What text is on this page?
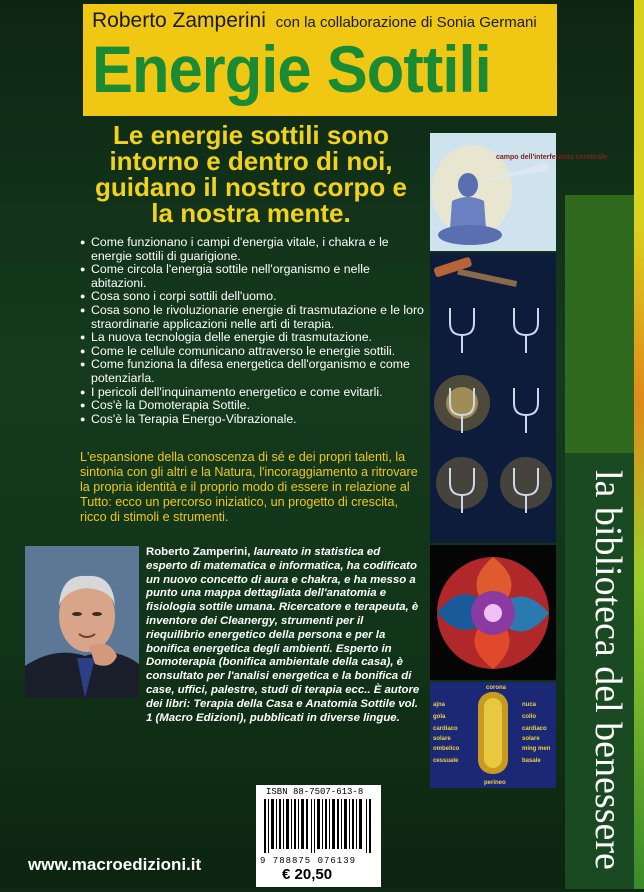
la biblioteca del benessere
Roberto Zamperini con la collaborazione di Sonia Germani
Energie Sottili
Le energie sottili sono intorno e dentro di noi, guidano il nostro corpo e la nostra mente.
● Come funzionano i campi d'energia vitale, i chakra e le energie sottili di guarigione.
● Come circola l'energia sottile nell'organismo e nelle abitazioni.
● Cosa sono i corpi sottili dell'uomo.
● Cosa sono le rivoluzionarie energie di trasmutazione e le loro straordinarie applicazioni nelle arti di terapia.
● La nuova tecnologia delle energie di trasmutazione.
● Come le cellule comunicano attraverso le energie sottili.
● Come funziona la difesa energetica dell'organismo e come potenziarla.
● I pericoli dell'inquinamento energetico e come evitarli.
● Cos'è la Domoterapia Sottile.
● Cos'è la Terapia Energo-Vibrazionale.
L'espansione della conoscenza di sé e dei propri talenti, la sintonia con gli altri e la Natura, l'incoraggiamento a ritrovare la propria identità e il proprio modo di essere in relazione al Tutto: ecco un percorso iniziatico, un progetto di crescita, ricco di stimoli e strumenti.

Roberto Zamperini, laureato in statistica ed esperto di matematica e informatica, ha codificato un nuovo concetto di aura e chakra, e ha messo a punto una mappa dettagliata dell'anatomia e fisiologia sottile umana. Ricercatore e terapeuta, è inventore dei Cleanergy, strumenti per il riequilibrio energetico della persona e per la bonifica energetica degli ambienti. Esperto in Domoterapia (bonifica ambientale della casa), è consultato per l'analisi energetica e la bonifica di case, uffici, palestre, studi di terapia ecc.. È autore dei libri: Terapia della Casa e Anatomia Sottile vol. 1 (Macro Edizioni), pubblicati in diverse lingue.

campo dell'interferenza cerebrale
corona
ajna
gola
cardiaco
solare
ombelico
cessuale
nuca
collo
cardiaco
solare
ming men
basale
perineo
ISBN 88-7507-613-8
9 788875 076139
€ 20,50
www.macroedizioni.it
